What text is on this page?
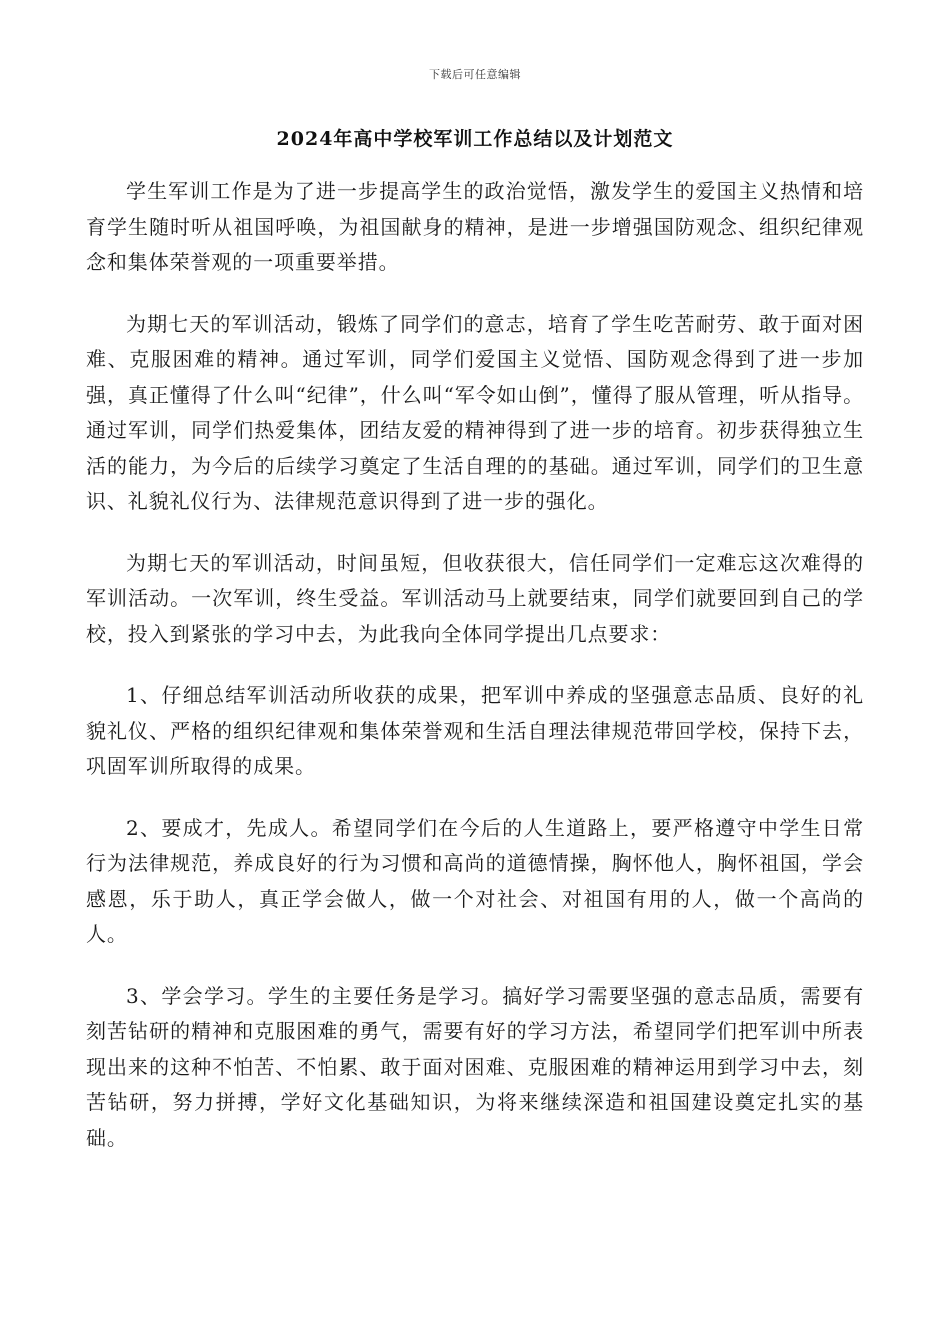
下载后可任意编辑
2024年高中学校军训工作总结以及计划范文

学生军训工作是为了进一步提高学生的政治觉悟，激发学生的爱国主义热情和培育学生随时听从祖国呼唤，为祖国献身的精神，是进一步增强国防观念、组织纪律观念和集体荣誉观的一项重要举措。

为期七天的军训活动，锻炼了同学们的意志，培育了学生吃苦耐劳、敢于面对困难、克服困难的精神。通过军训，同学们爱国主义觉悟、国防观念得到了进一步加强，真正懂得了什么叫“纪律”，什么叫“军令如山倒”，懂得了服从管理，听从指导。通过军训，同学们热爱集体，团结友爱的精神得到了进一步的培育。初步获得独立生活的能力，为今后的后续学习奠定了生活自理的的基础。通过军训，同学们的卫生意识、礼貌礼仪行为、法律规范意识得到了进一步的强化。

为期七天的军训活动，时间虽短，但收获很大，信任同学们一定难忘这次难得的军训活动。一次军训，终生受益。军训活动马上就要结束，同学们就要回到自己的学校，投入到紧张的学习中去，为此我向全体同学提出几点要求：

1、仔细总结军训活动所收获的成果，把军训中养成的坚强意志品质、良好的礼貌礼仪、严格的组织纪律观和集体荣誉观和生活自理法律规范带回学校，保持下去，巩固军训所取得的成果。

2、要成才，先成人。希望同学们在今后的人生道路上，要严格遵守中学生日常行为法律规范，养成良好的行为习惯和高尚的道德情操，胸怀他人，胸怀祖国，学会感恩，乐于助人，真正学会做人，做一个对社会、对祖国有用的人，做一个高尚的人。

3、学会学习。学生的主要任务是学习。搞好学习需要坚强的意志品质，需要有刻苦钻研的精神和克服困难的勇气，需要有好的学习方法，希望同学们把军训中所表现出来的这种不怕苦、不怕累、敢于面对困难、克服困难的精神运用到学习中去，刻苦钻研，努力拼搏，学好文化基础知识，为将来继续深造和祖国建设奠定扎实的基础。
